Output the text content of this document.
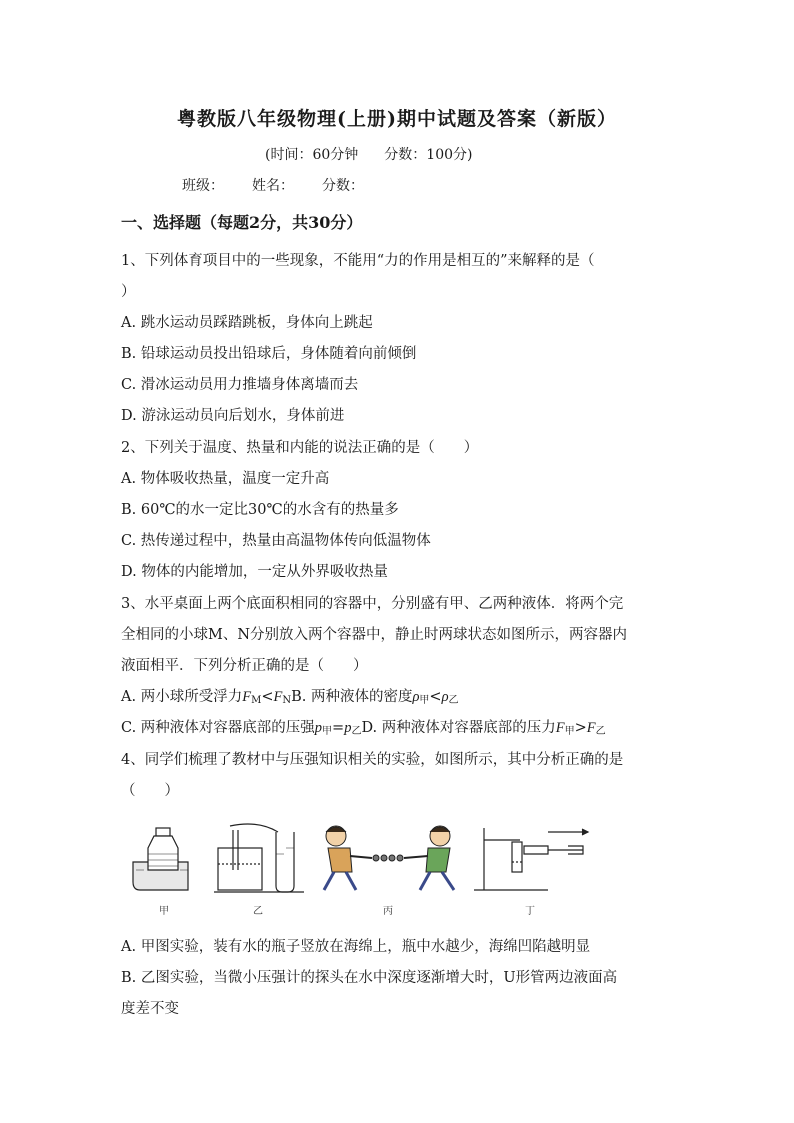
粤教版八年级物理(上册)期中试题及答案（新版）
(时间：60分钟 分数：100分)
班级： 姓名： 分数：
一、选择题（每题2分，共30分）
1、下列体育项目中的一些现象，不能用“力的作用是相互的”来解释的是（
）
A. 跳水运动员踩踏跳板，身体向上跳起
B. 铅球运动员投出铅球后，身体随着向前倾倒
C. 滑冰运动员用力推墙身体离墙而去
D. 游泳运动员向后划水，身体前进
2、下列关于温度、热量和内能的说法正确的是（　　）
A. 物体吸收热量，温度一定升高
B. 60℃的水一定比30℃的水含有的热量多
C. 热传递过程中，热量由高温物体传向低温物体
D. 物体的内能增加，一定从外界吸收热量
3、水平桌面上两个底面积相同的容器中，分别盛有甲、乙两种液体．将两个完
全相同的小球M、N分别放入两个容器中，静止时两球状态如图所示，两容器内
液面相平．下列分析正确的是（　　）
A. 两小球所受浮力$F_M<F_NB$. 两种液体的密度$\rho_甲<\rho_乙$
C. 两种液体对容器底部的压强$p_甲=p_乙D$. 两种液体对容器底部的压力$F_甲>F_乙$
4、同学们梳理了教材中与压强知识相关的实验，如图所示，其中分析正确的是
（　　）
甲	乙	丙	丁
A. 甲图实验，装有水的瓶子竖放在海绵上，瓶中水越少，海绵凹陷越明显
B. 乙图实验，当微小压强计的探头在水中深度逐渐增大时，U形管两边液面高
度差不变
